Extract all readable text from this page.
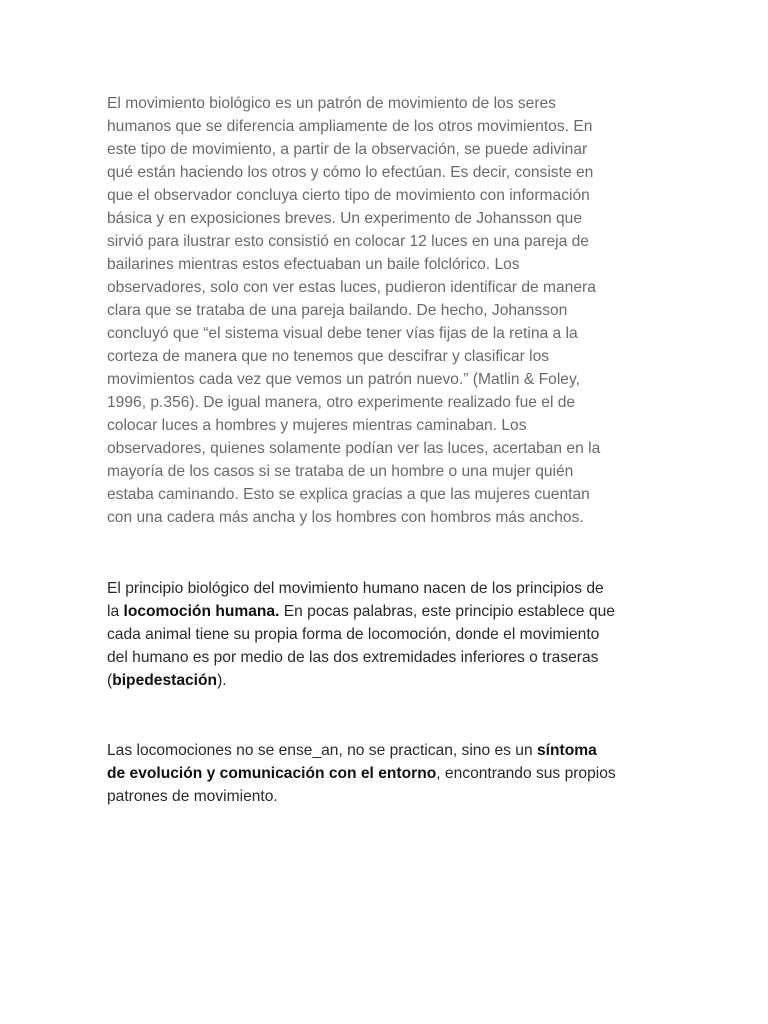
El movimiento biológico es un patrón de movimiento de los seres
humanos que se diferencia ampliamente de los otros movimientos. En
este tipo de movimiento, a partir de la observación, se puede adivinar
qué están haciendo los otros y cómo lo efectúan. Es decir, consiste en
que el observador concluya cierto tipo de movimiento con información
básica y en exposiciones breves. Un experimento de Johansson que
sirvió para ilustrar esto consistió en colocar 12 luces en una pareja de
bailarines mientras estos efectuaban un baile folclórico. Los
observadores, solo con ver estas luces, pudieron identificar de manera
clara que se trataba de una pareja bailando. De hecho, Johansson
concluyó que “el sistema visual debe tener vías fijas de la retina a la
corteza de manera que no tenemos que descifrar y clasificar los
movimientos cada vez que vemos un patrón nuevo.” (Matlin & Foley,
1996, p.356). De igual manera, otro experimente realizado fue el de
colocar luces a hombres y mujeres mientras caminaban. Los
observadores, quienes solamente podían ver las luces, acertaban en la
mayoría de los casos si se trataba de un hombre o una mujer quién
estaba caminando. Esto se explica gracias a que las mujeres cuentan
con una cadera más ancha y los hombres con hombros más anchos.

El principio biológico del movimiento humano nacen de los principios de
la locomoción humana. En pocas palabras, este principio establece que
cada animal tiene su propia forma de locomoción, donde el movimiento
del humano es por medio de las dos extremidades inferiores o traseras
(bipedestación).

Las locomociones no se ense_an, no se practican, sino es un síntoma
de evolución y comunicación con el entorno, encontrando sus propios
patrones de movimiento.
